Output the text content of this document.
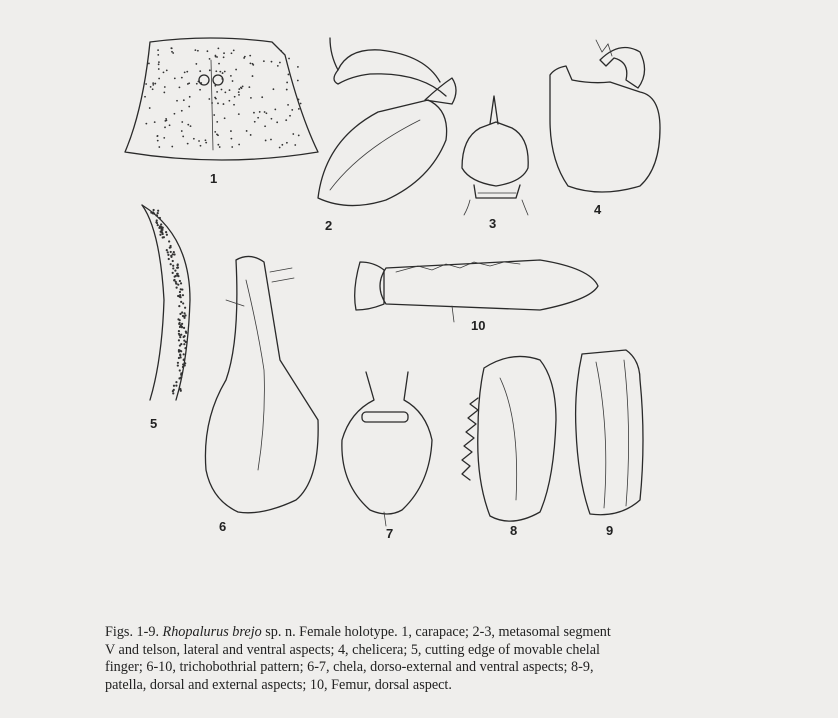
1
2	3
4
5
6	7	8	9
10
Figs. 1-9. Rhopalurus brejo sp. n. Female holotype. 1, carapace; 2-3, metasomal segment
V and telson, lateral and ventral aspects; 4, chelicera; 5, cutting edge of movable chelal
finger; 6-10, trichobothrial pattern; 6-7, chela, dorso-external and ventral aspects; 8-9,
patella, dorsal and external aspects; 10, Femur, dorsal aspect.
